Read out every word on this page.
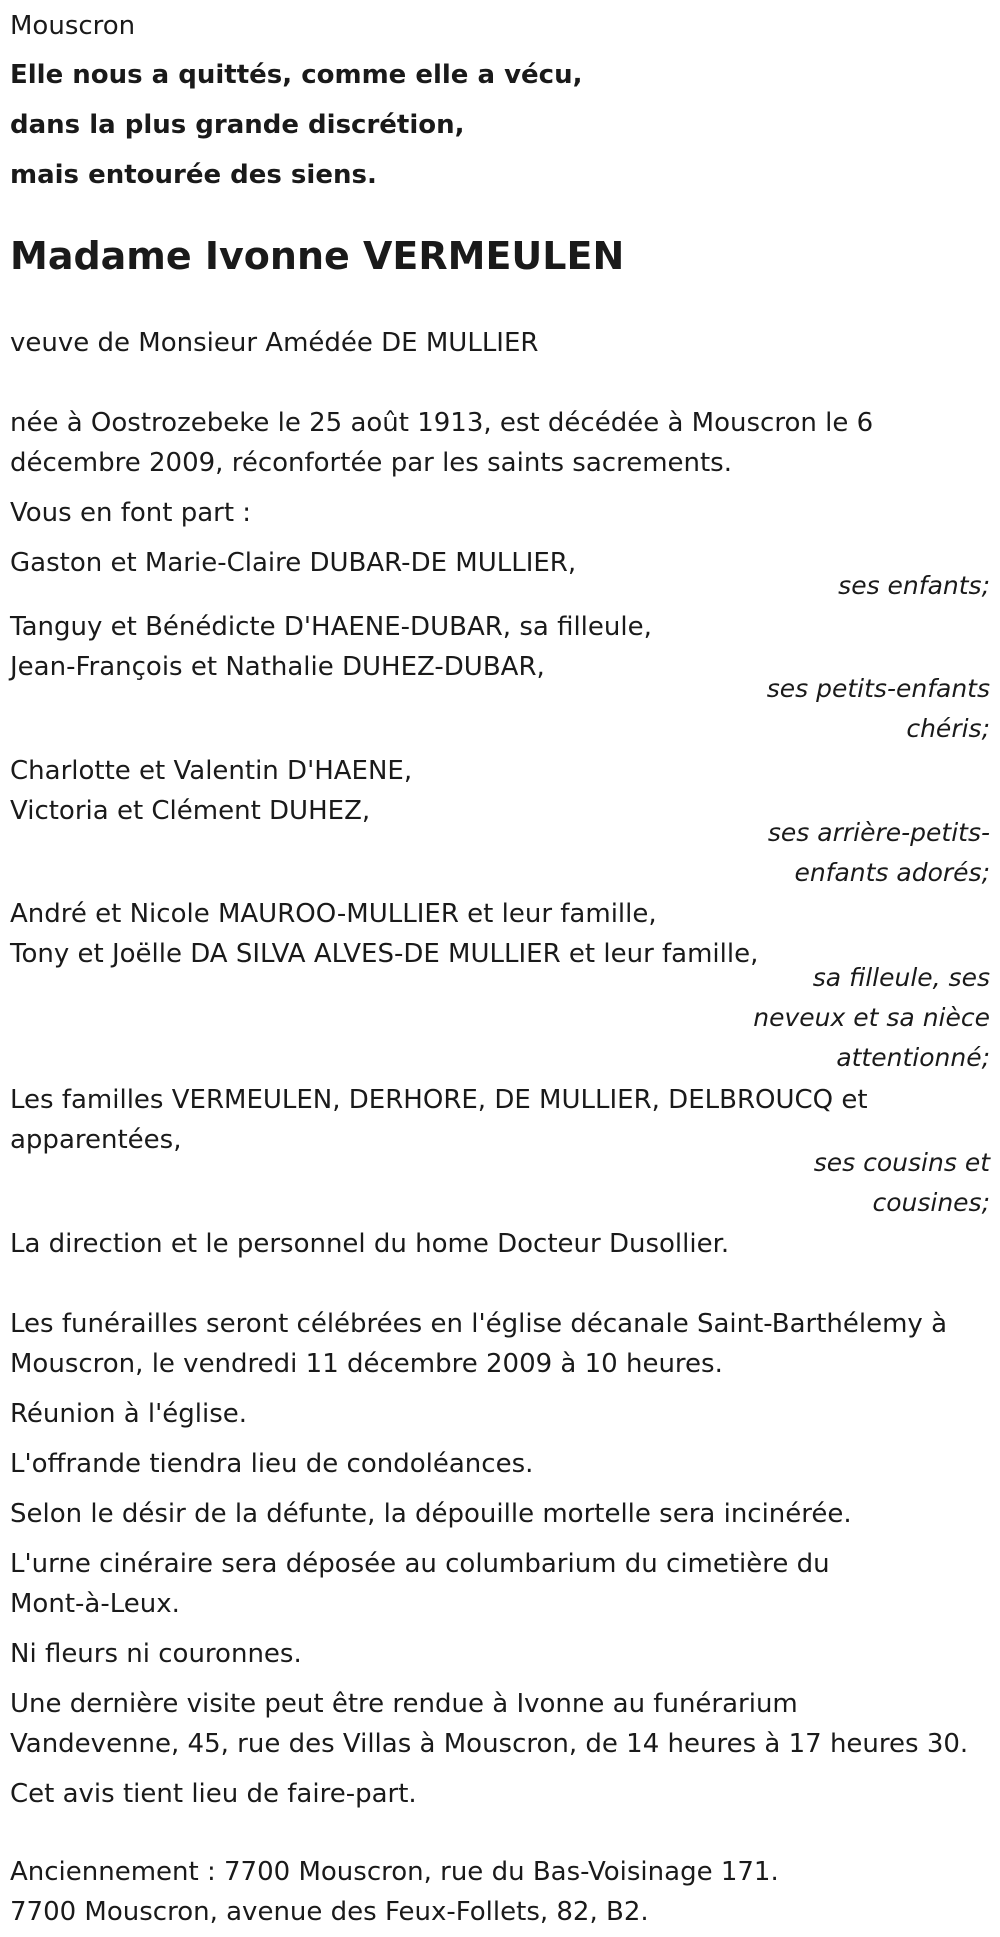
Mouscron
Elle nous a quittés, comme elle a vécu,
dans la plus grande discrétion,
mais entourée des siens.
Madame Ivonne VERMEULEN
veuve de Monsieur Amédée DE MULLIER
née à Oostrozebeke le 25 août 1913, est décédée à Mouscron le 6
décembre 2009, réconfortée par les saints sacrements.
Vous en font part :
Gaston et Marie-Claire DUBAR-DE MULLIER,
ses enfants;
Tanguy et Bénédicte D'HAENE-DUBAR, sa filleule,
Jean-François et Nathalie DUHEZ-DUBAR,
ses petits-enfants
chéris;
Charlotte et Valentin D'HAENE,
Victoria et Clément DUHEZ,
ses arrière-petits-
enfants adorés;
André et Nicole MAUROO-MULLIER et leur famille,
Tony et Joëlle DA SILVA ALVES-DE MULLIER et leur famille,
sa filleule, ses
neveux et sa nièce
attentionné;
Les familles VERMEULEN, DERHORE, DE MULLIER, DELBROUCQ et
apparentées,
ses cousins et
cousines;
La direction et le personnel du home Docteur Dusollier.
Les funérailles seront célébrées en l'église décanale Saint-Barthélemy à
Mouscron, le vendredi 11 décembre 2009 à 10 heures.
Réunion à l'église.
L'offrande tiendra lieu de condoléances.
Selon le désir de la défunte, la dépouille mortelle sera incinérée.
L'urne cinéraire sera déposée au columbarium du cimetière du
Mont-à-Leux.
Ni fleurs ni couronnes.
Une dernière visite peut être rendue à Ivonne au funérarium
Vandevenne, 45, rue des Villas à Mouscron, de 14 heures à 17 heures 30.
Cet avis tient lieu de faire-part.
Anciennement : 7700 Mouscron, rue du Bas-Voisinage 171.
7700 Mouscron, avenue des Feux-Follets, 82, B2.
